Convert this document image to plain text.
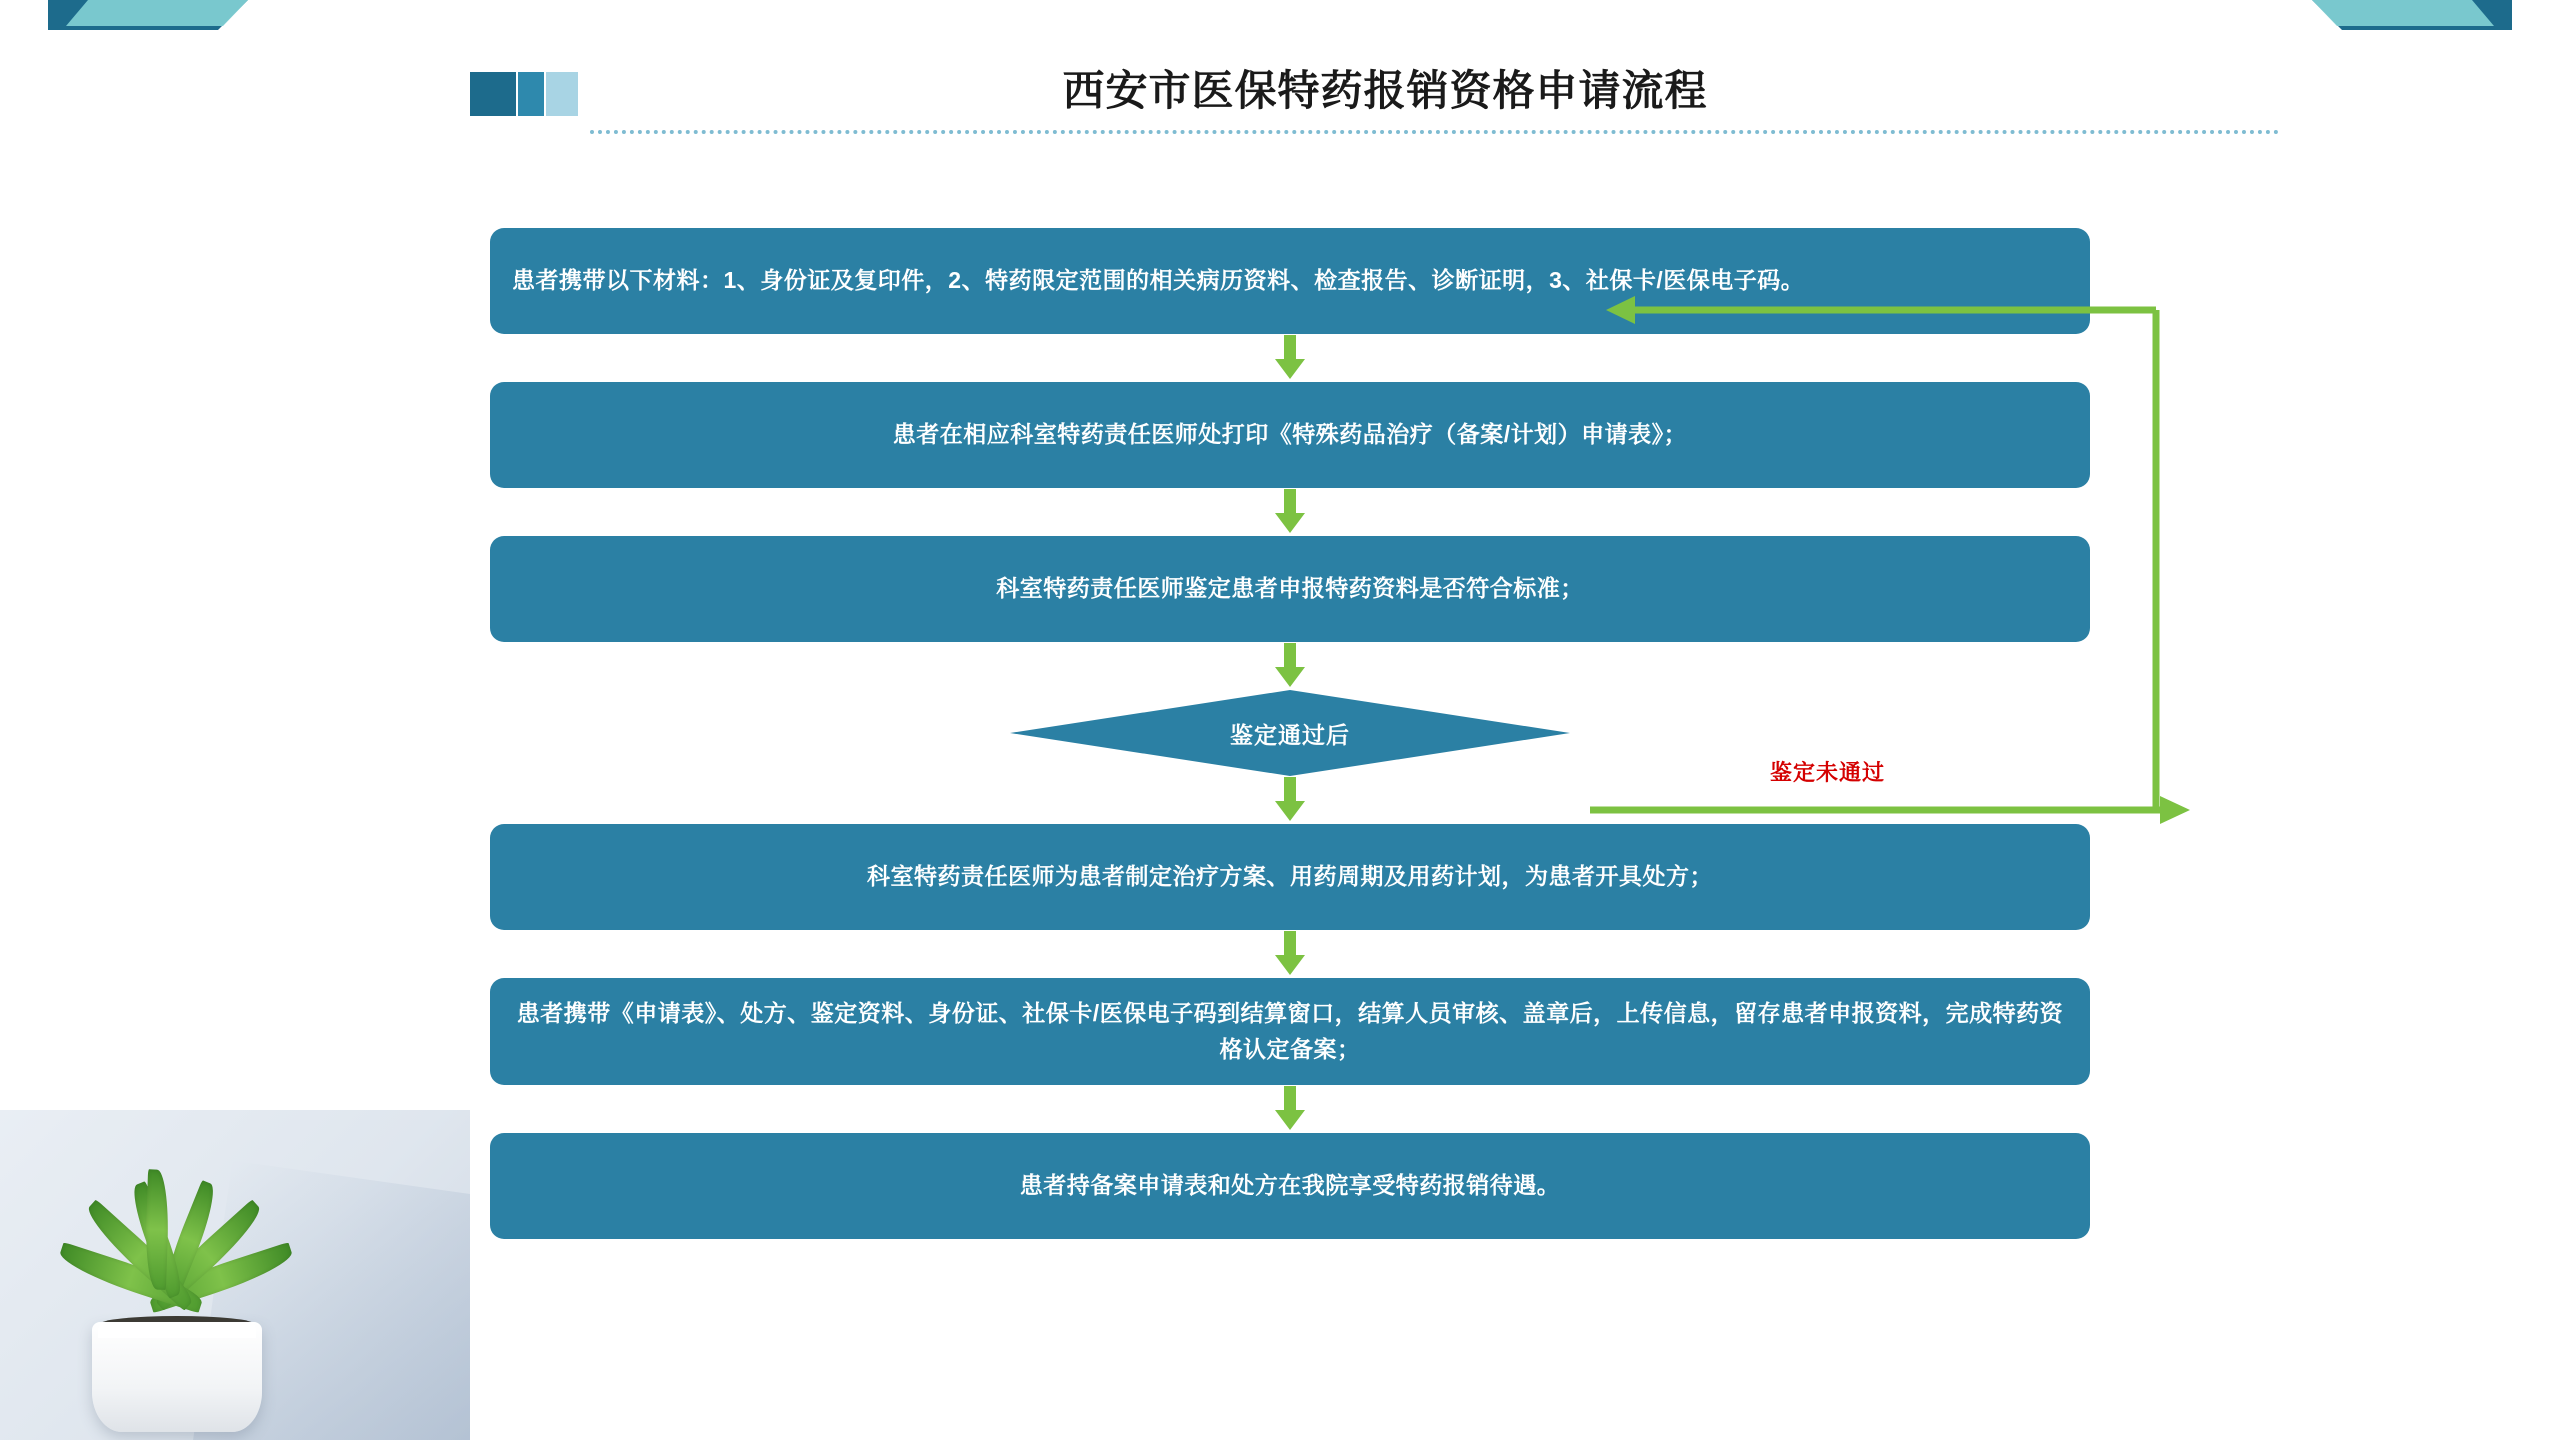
西安市医保特药报销资格申请流程
患者携带以下材料：1、身份证及复印件，2、特药限定范围的相关病历资料、检查报告、诊断证明，3、社保卡/医保电子码。
患者在相应科室特药责任医师处打印《特殊药品治疗（备案/计划）申请表》；
科室特药责任医师鉴定患者申报特药资料是否符合标准；
鉴定通过后
科室特药责任医师为患者制定治疗方案、用药周期及用药计划，为患者开具处方；
患者携带《申请表》、处方、鉴定资料、身份证、社保卡/医保电子码到结算窗口，结算人员审核、盖章后，上传信息，留存患者申报资料，完成特药资格认定备案；
患者持备案申请表和处方在我院享受特药报销待遇。
鉴定未通过
